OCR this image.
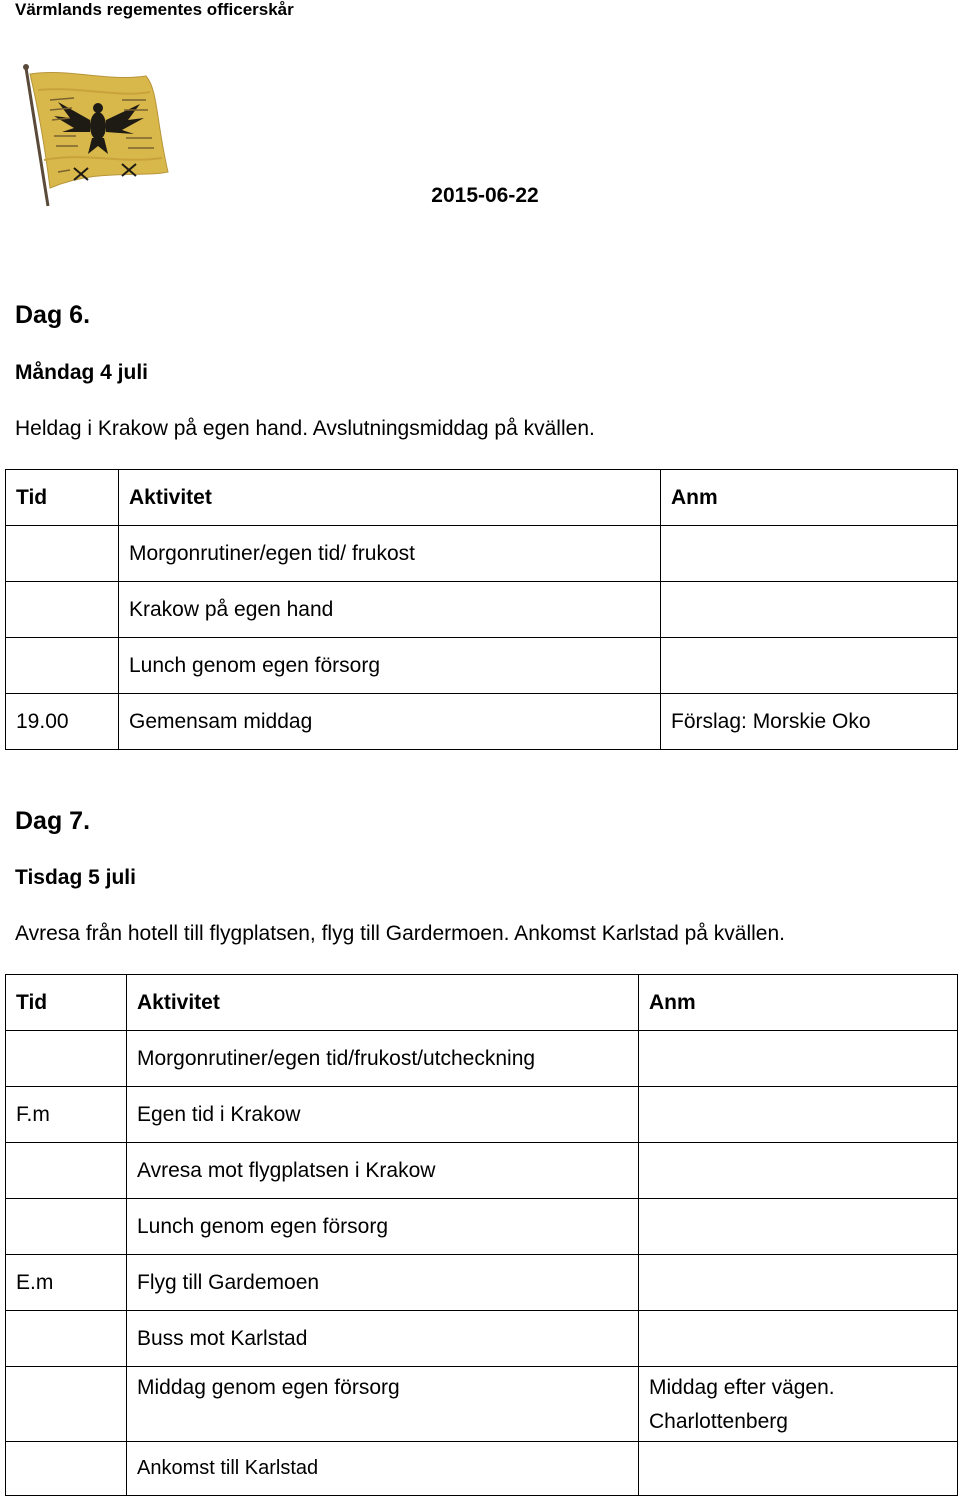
Värmlands regementes officerskår
2015-06-22
Dag 6.
Måndag 4 juli
Heldag i Krakow på egen hand. Avslutningsmiddag på kvällen.
Tid	Aktivitet	Anm
	Morgonrutiner/egen tid/ frukost	
	Krakow på egen hand	
	Lunch genom egen försorg	
19.00	Gemensam middag	Förslag: Morskie Oko
Dag 7.
Tisdag 5 juli
Avresa från hotell till flygplatsen, flyg till Gardermoen. Ankomst Karlstad på kvällen.
Tid	Aktivitet	Anm
	Morgonrutiner/egen tid/frukost/utcheckning	
F.m	Egen tid i Krakow	
	Avresa mot flygplatsen i Krakow	
	Lunch genom egen försorg	
E.m	Flyg till Gardemoen	
	Buss mot Karlstad	
	Middag genom egen försorg	Middag efter vägen. Charlottenberg
	Ankomst till Karlstad	
